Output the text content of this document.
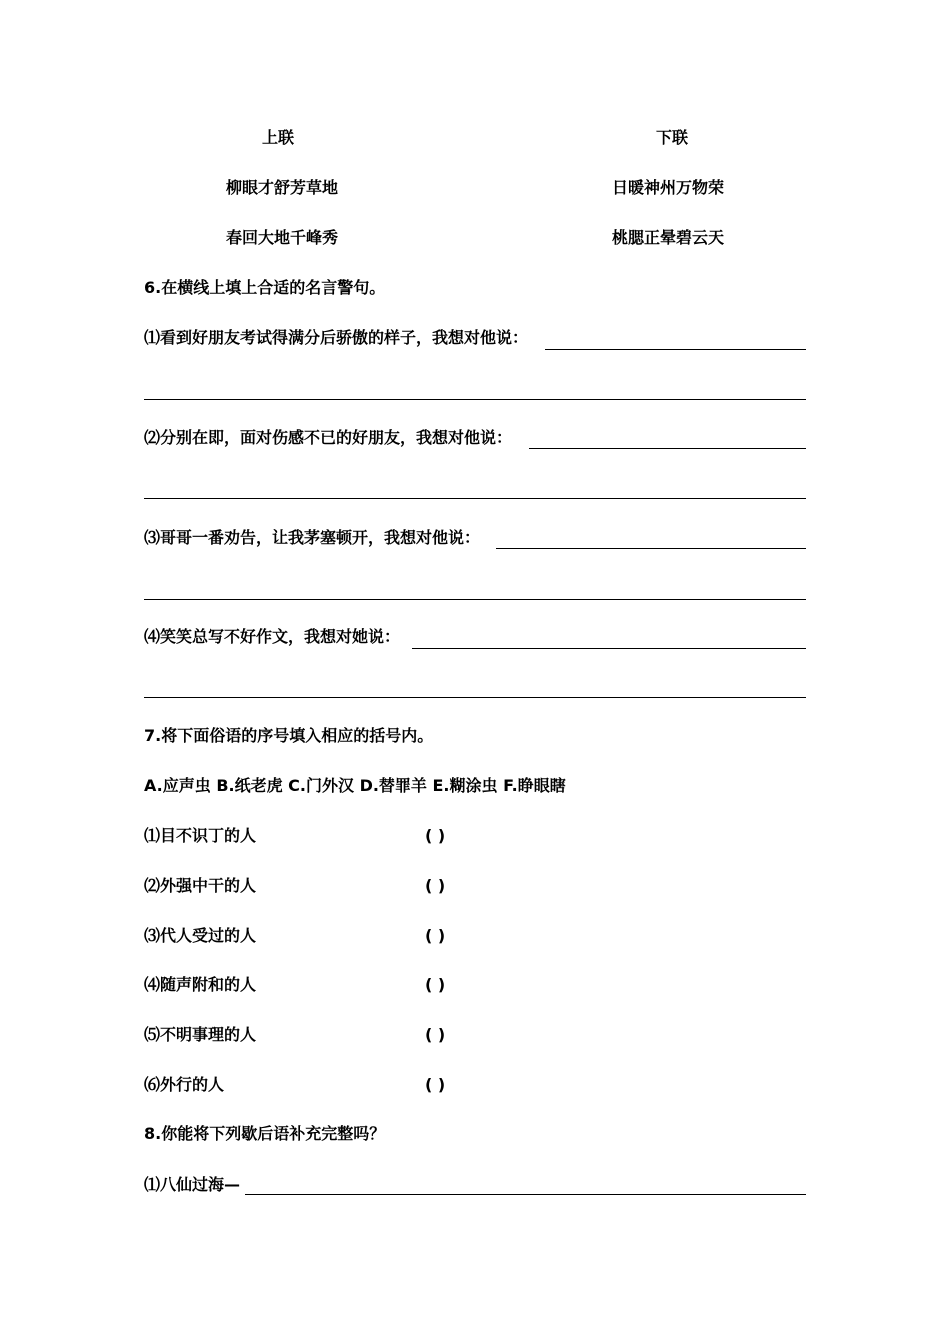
上联	下联
柳眼才舒芳草地	日暖神州万物荣
春回大地千峰秀	桃腮正晕碧云天
6.在横线上填上合适的名言警句。
⑴看到好朋友考试得满分后骄傲的样子，我想对他说：
⑵分别在即，面对伤感不已的好朋友，我想对他说：
⑶哥哥一番劝告，让我茅塞顿开，我想对他说：
⑷笑笑总写不好作文，我想对她说：
7.将下面俗语的序号填入相应的括号内。
A.应声虫 B.纸老虎 C.门外汉 D.替罪羊 E.糊涂虫 F.睁眼瞎
⑴目不识丁的人	( )
⑵外强中干的人	( )
⑶代人受过的人	( )
⑷随声附和的人	( )
⑸不明事理的人	( )
⑹外行的人	( )
8.你能将下列歇后语补充完整吗？
⑴八仙过海—
